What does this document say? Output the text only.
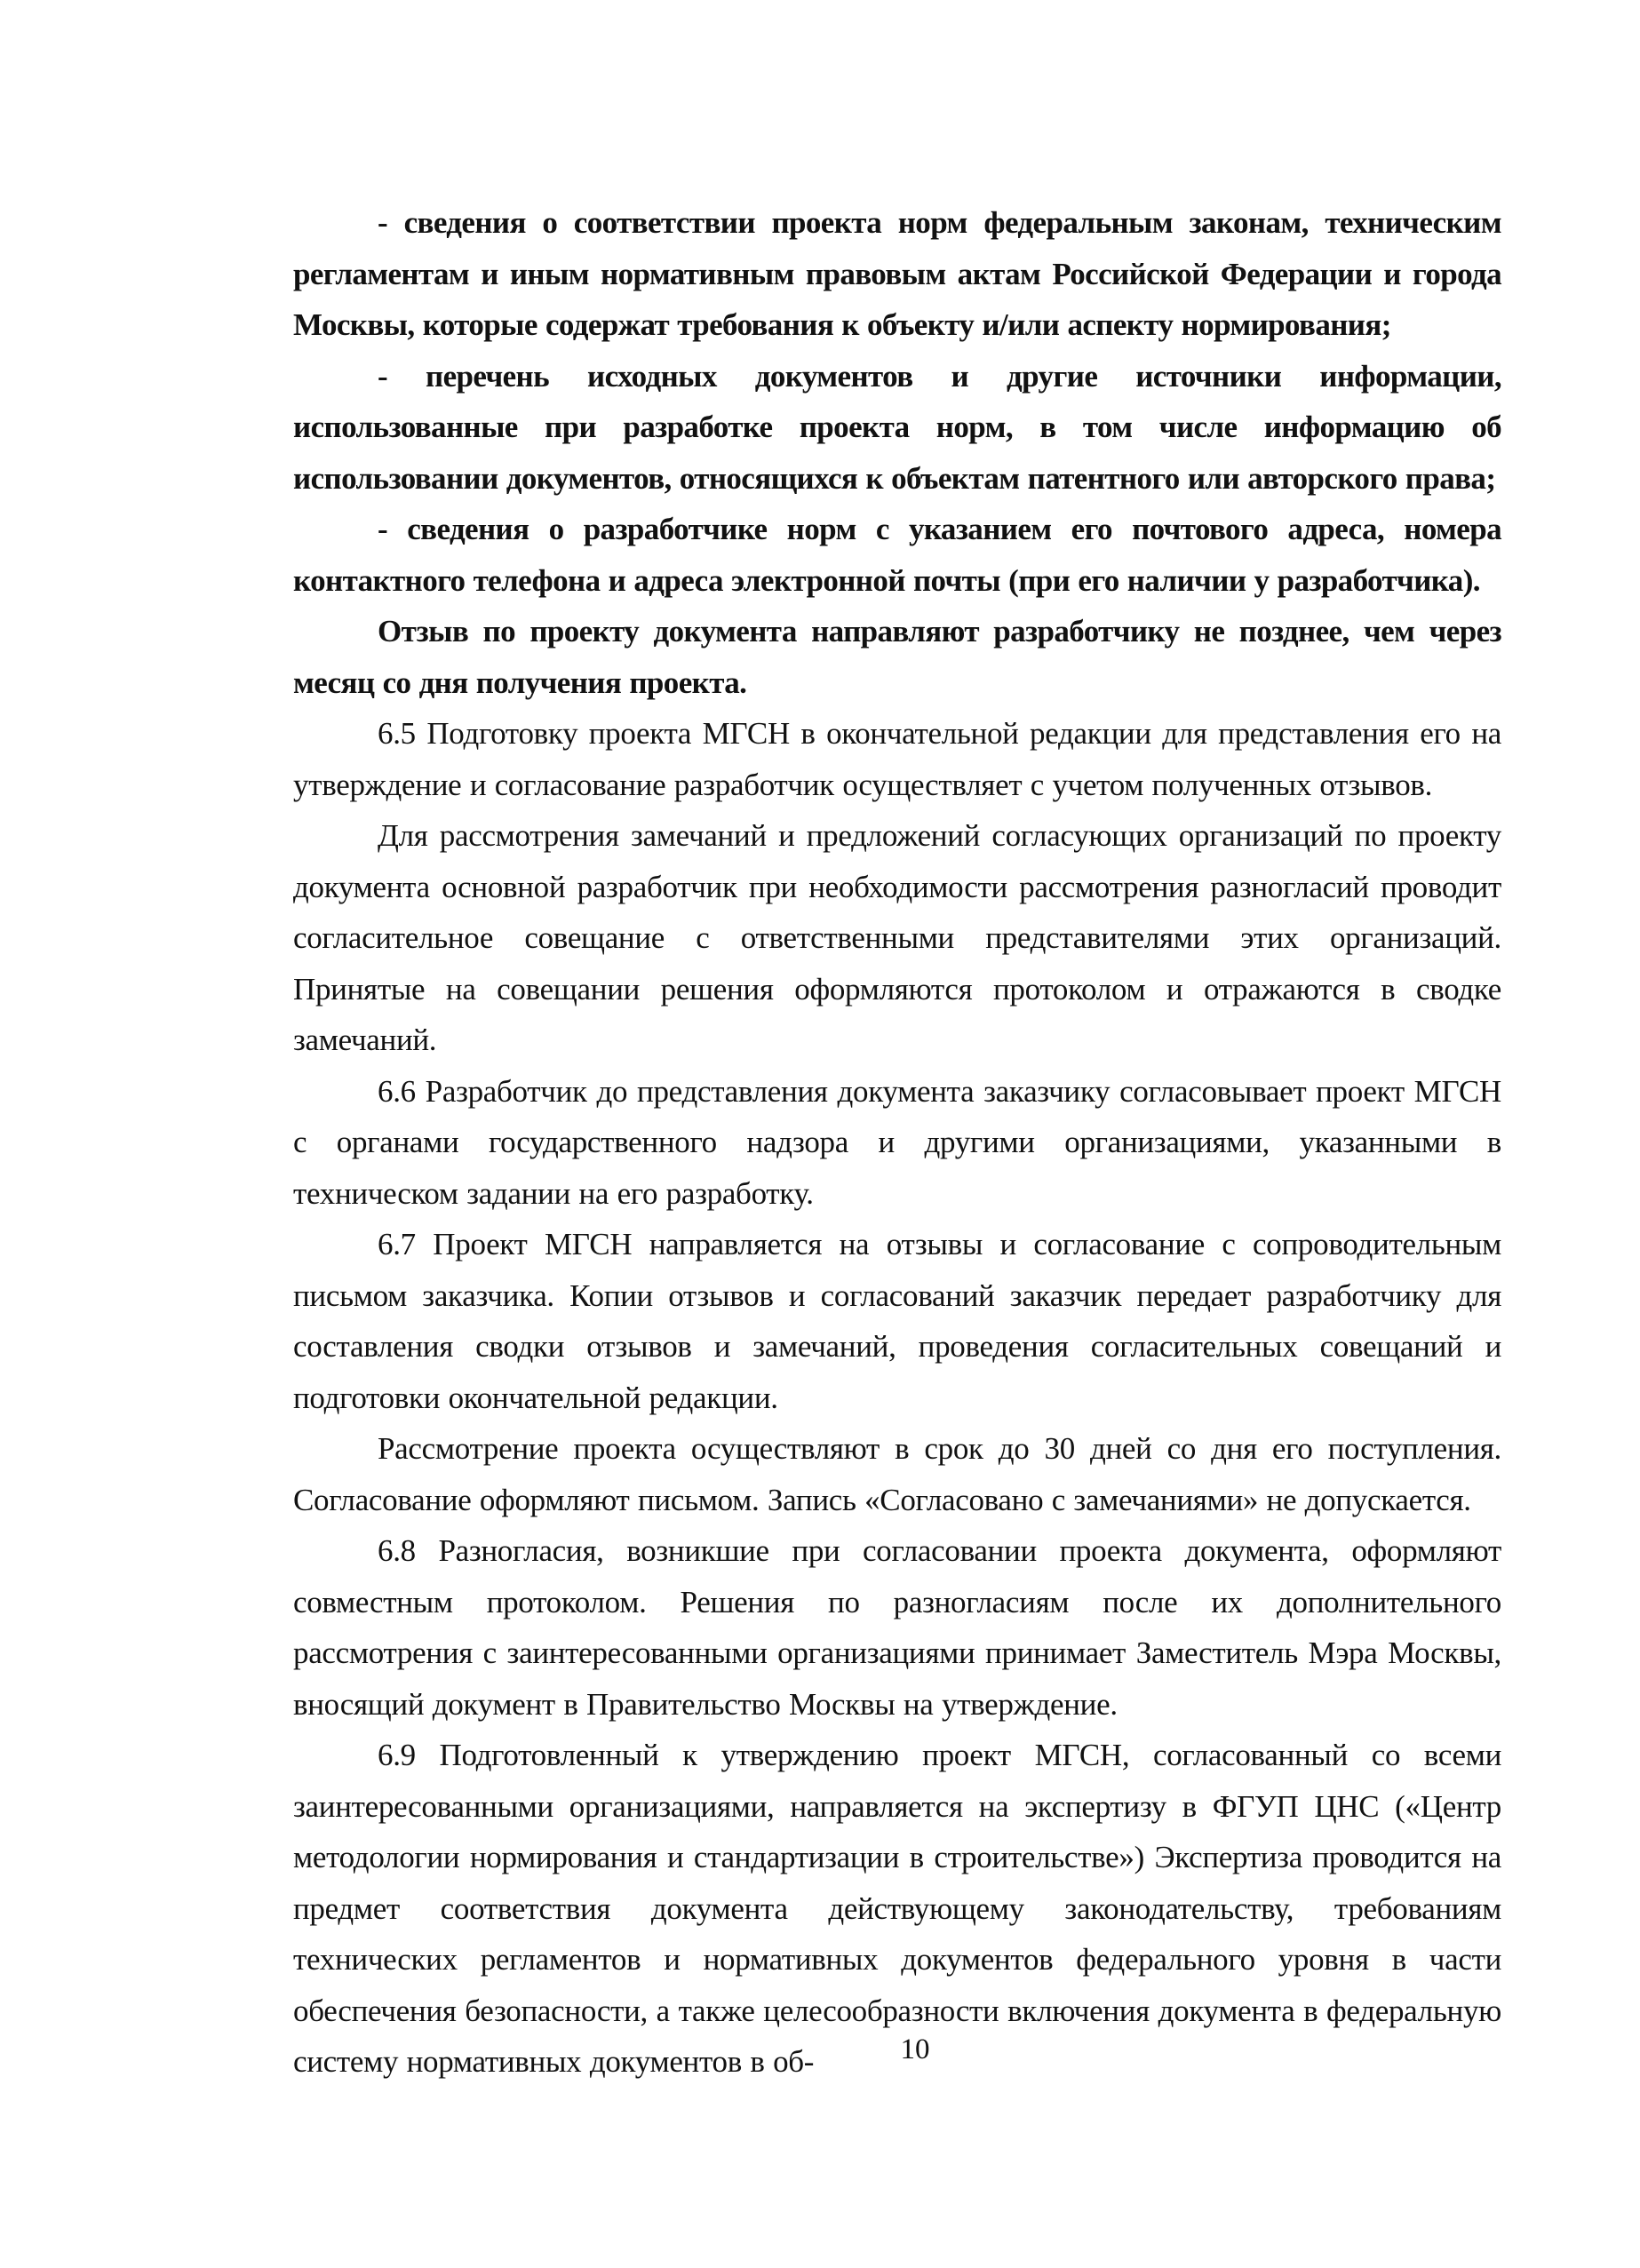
- сведения о соответствии проекта норм федеральным законам, техническим регламентам и иным нормативным правовым актам Российской Федерации и города Москвы, которые содержат требования к объекту и/или аспекту нормирования;

- перечень исходных документов и другие источники информации, использованные при разработке проекта норм, в том числе информацию об использовании документов, относящихся к объектам патентного или авторского права;

- сведения о разработчике норм с указанием его почтового адреса, номера контактного телефона и адреса электронной почты (при его наличии у разработчика).

Отзыв по проекту документа направляют разработчику не позднее, чем через месяц со дня получения проекта.

6.5 Подготовку проекта МГСН в окончательной редакции для представления его на утверждение и согласование разработчик осуществляет с учетом полученных отзывов.

Для рассмотрения замечаний и предложений согласующих организаций по проекту документа основной разработчик при необходимости рассмотрения разногласий проводит согласительное совещание с ответственными представителями этих организаций. Принятые на совещании решения оформляются протоколом и отражаются в сводке замечаний.

6.6 Разработчик до представления документа заказчику согласовывает проект МГСН с органами государственного надзора и другими организациями, указанными в техническом задании на его разработку.

6.7 Проект МГСН направляется на отзывы и согласование с сопроводительным письмом заказчика. Копии отзывов и согласований заказчик передает разработчику для составления сводки отзывов и замечаний, проведения согласительных совещаний и подготовки окончательной редакции.

Рассмотрение проекта осуществляют в срок до 30 дней со дня его поступления. Согласование оформляют письмом. Запись «Согласовано с замечаниями» не допускается.

6.8 Разногласия, возникшие при согласовании проекта документа, оформляют совместным протоколом. Решения по разногласиям после их дополнительного рассмотрения с заинтересованными организациями принимает Заместитель Мэра Москвы, вносящий документ в Правительство Москвы на утверждение.

6.9 Подготовленный к утверждению проект МГСН, согласованный со всеми заинтересованными организациями, направляется на экспертизу в ФГУП ЦНС («Центр методологии нормирования и стандартизации в строительстве») Экспертиза проводится на предмет соответствия документа действующему законодательству, требованиям технических регламентов и нормативных документов федерального уровня в части обеспечения безопасности, а также целесообразности включения документа в федеральную систему нормативных документов в об-	10
